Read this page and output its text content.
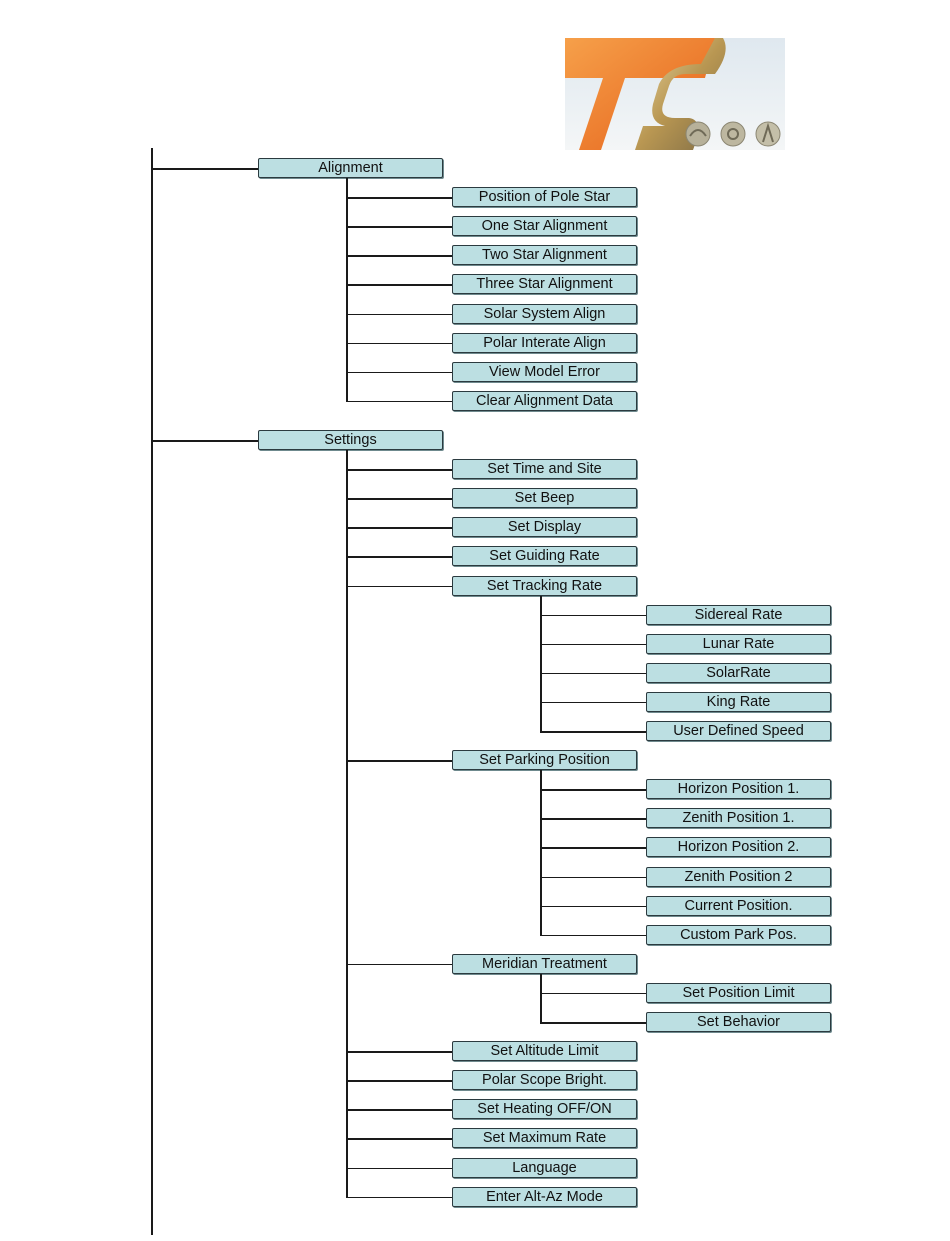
Alignment
Position of Pole Star
One Star Alignment
Two Star Alignment
Three Star Alignment
Solar System Align
Polar Interate Align
View Model Error
Clear Alignment Data
Settings
Set Time and Site
Set Beep
Set Display
Set Guiding Rate
Set Tracking Rate
Sidereal Rate
Lunar Rate
SolarRate
King Rate
User Defined Speed
Set Parking Position
Horizon Position 1.
Zenith Position 1.
Horizon Position 2.
Zenith Position 2
Current Position.
Custom Park Pos.
Meridian Treatment
Set Position Limit
Set Behavior
Set Altitude Limit
Polar Scope Bright.
Set Heating OFF/ON
Set Maximum Rate
Language
Enter Alt-Az Mode
